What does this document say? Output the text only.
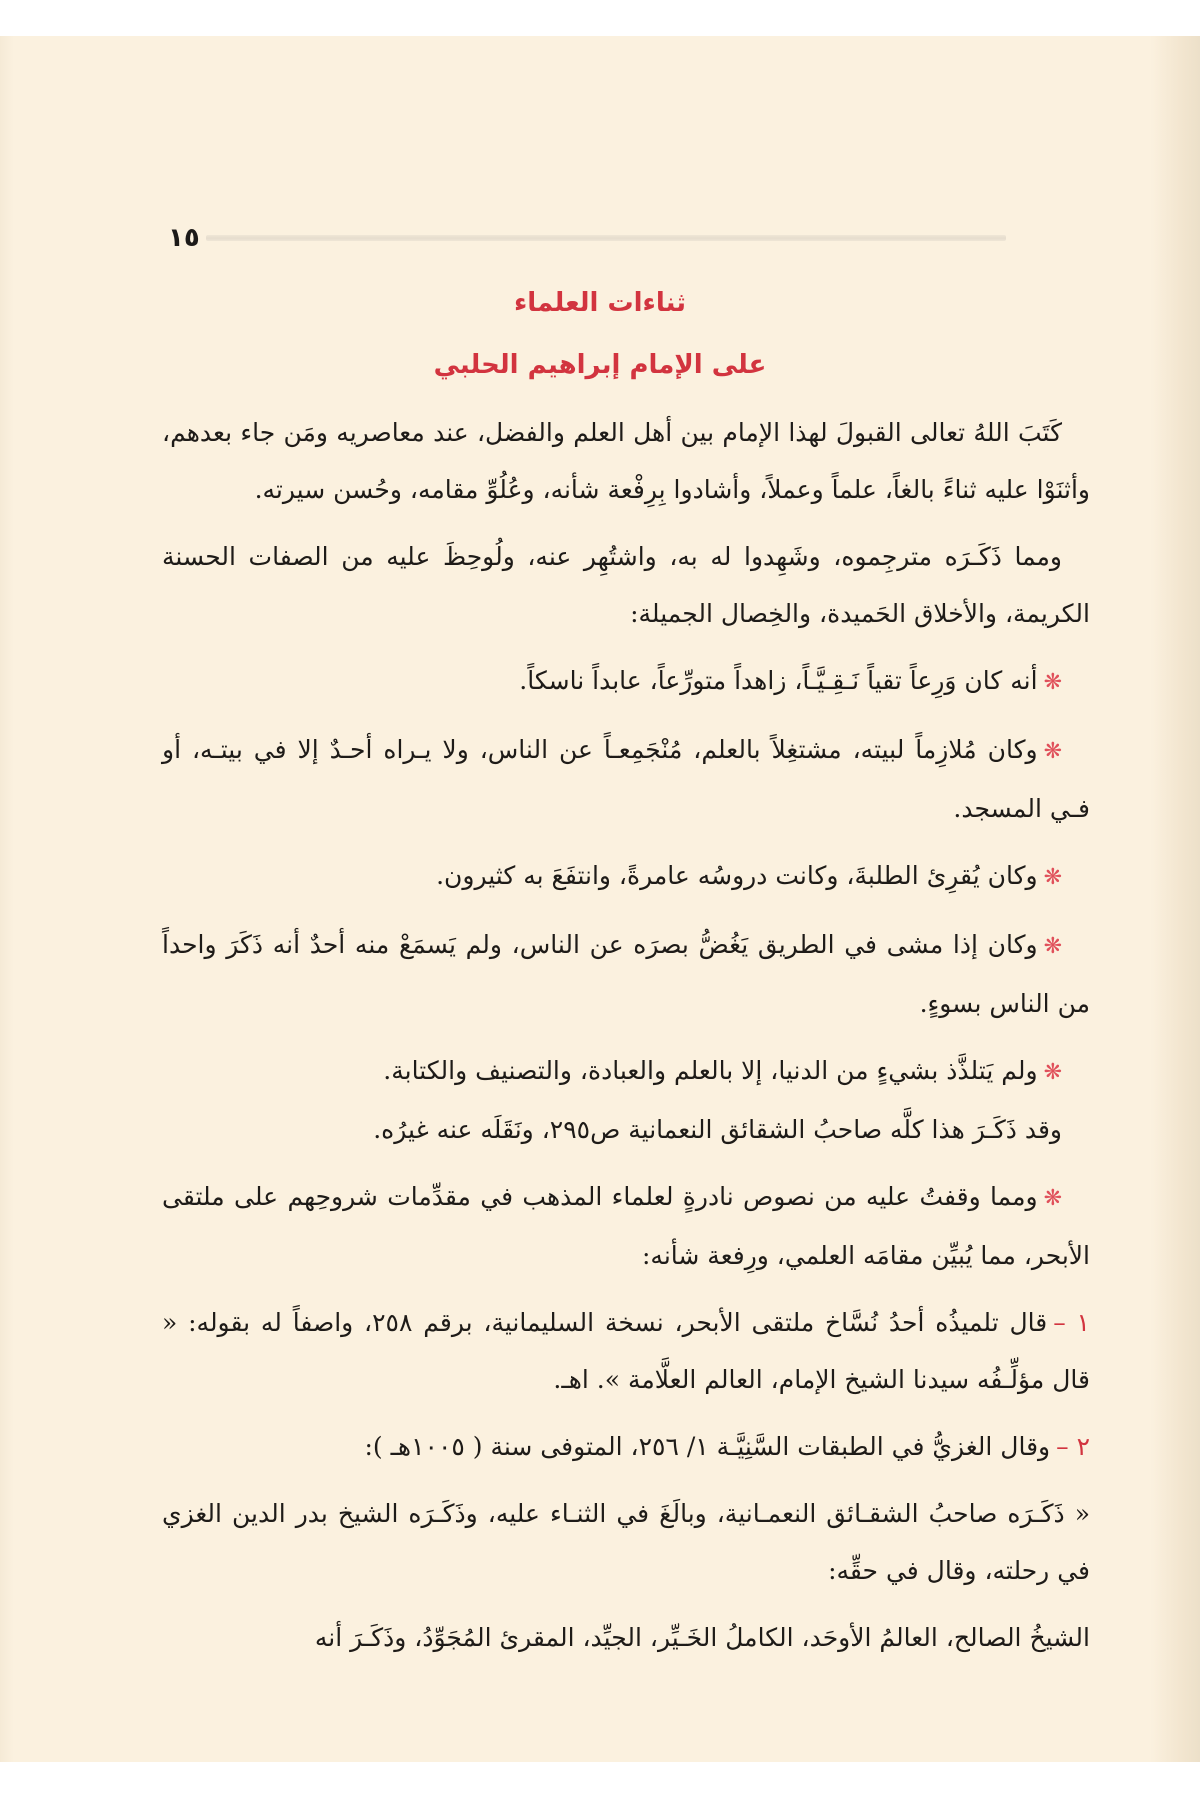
١٥
ثناءات العلماء
على الإمام إبراهيم الحلبي

كَتَبَ اللهُ تعالى القبولَ لهذا الإمام بين أهل العلم والفضل، عند معاصريه ومَن جاء بعدهم، وأثنَوْا عليه ثناءً بالغاً، علماً وعملاً، وأشادوا بِرِفْعة شأنه، وعُلُوِّ مقامه، وحُسن سيرته.

ومما ذَكَـرَه مترجِموه، وشَهِدوا له به، واشتُهِر عنه، ولُوحِظَ عليه من الصفات الحسنة الكريمة، والأخلاق الحَميدة، والخِصال الجميلة:

❋أنه كان وَرِعاً تقياً نَـقِـيَّـاً، زاهداً متورِّعاً، عابداً ناسكاً.

❋وكان مُلازِماً لبيته، مشتغِلاً بالعلم، مُنْجَمِعـاً عن الناس، ولا يـراه أحـدٌ إلا في بيتـه، أو فـي المسجد.

❋وكان يُقرِئ الطلبةَ، وكانت دروسُه عامرةً، وانتفَعَ به كثيرون.

❋وكان إذا مشى في الطريق يَغُضُّ بصرَه عن الناس، ولم يَسمَعْ منه أحدٌ أنه ذَكَرَ واحداً من الناس بسوءٍ.

❋ولم يَتلذَّذ بشيءٍ من الدنيا، إلا بالعلم والعبادة، والتصنيف والكتابة.

وقد ذَكَـرَ هذا كلَّه صاحبُ الشقائق النعمانية ص٢٩٥، ونَقَلَه عنه غيرُه.

❋ومما وقفتُ عليه من نصوص نادرةٍ لعلماء المذهب في مقدِّمات شروحِهم على ملتقى الأبحر، مما يُبيِّن مقامَه العلمي، ورِفعة شأنه:

١ –قال تلميذُه أحدُ نُسَّاخ ملتقى الأبحر، نسخة السليمانية، برقم ٢٥٨، واصفاً له بقوله: « قال مؤلِّـفُه سيدنا الشيخ الإمام، العالم العلَّامة ». اهـ.

٢ –وقال الغزيُّ في الطبقات السَّنِيَّـة ١/ ٢٥٦، المتوفى سنة ( ١٠٠٥هـ ):

« ذَكَـرَه صاحبُ الشقـائق النعمـانية، وبالَغَ في الثنـاء عليه، وذَكَـرَه الشيخ بدر الدين الغزي في رحلته، وقال في حقِّه:

الشيخُ الصالح، العالمُ الأوحَد، الكاملُ الخَـيِّر، الجيِّد، المقرئ المُجَوِّدُ، وذَكَـرَ أنه
